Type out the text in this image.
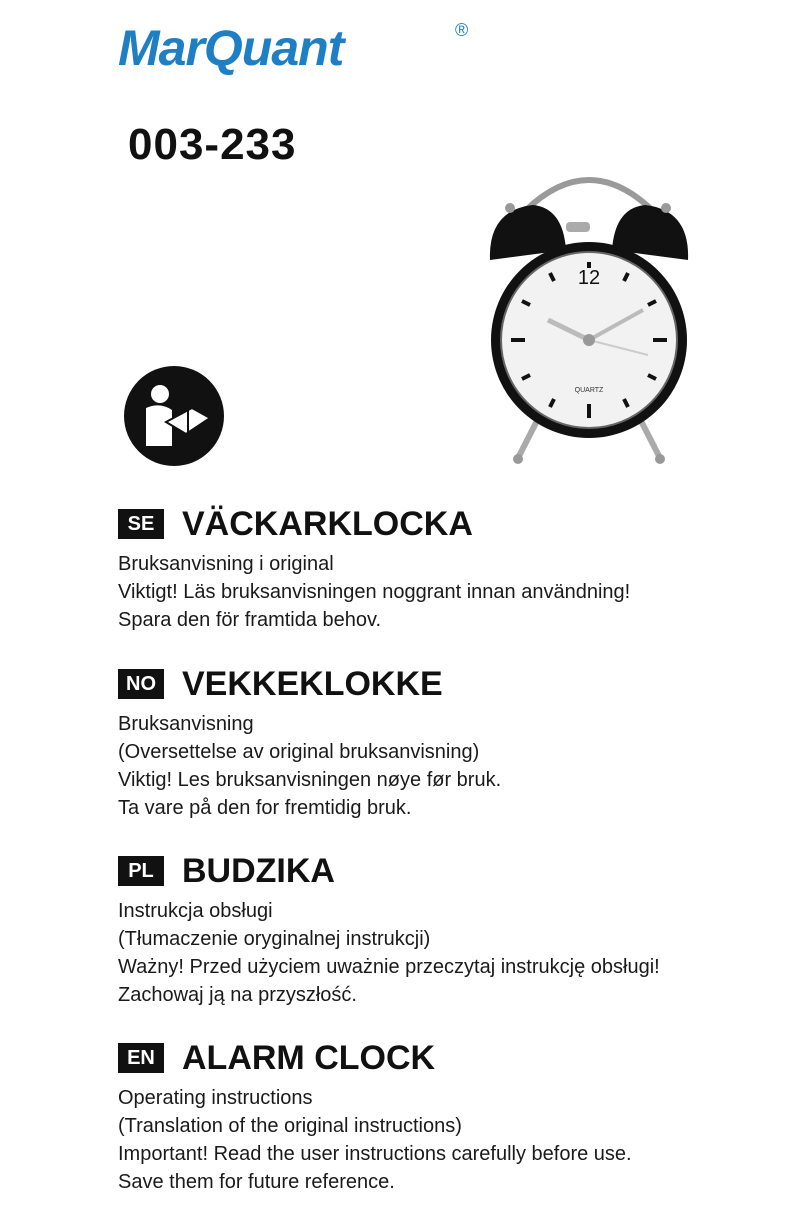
MarQuant	®
003-233
12
QUARTZ
SE VÄCKARKLOCKA
Bruksanvisning i original
Viktigt! Läs bruksanvisningen noggrant innan användning!
Spara den för framtida behov.
NO VEKKEKLOKKE
Bruksanvisning
(Oversettelse av original bruksanvisning)
Viktig! Les bruksanvisningen nøye før bruk.
Ta vare på den for fremtidig bruk.
PL BUDZIKA
Instrukcja obsługi
(Tłumaczenie oryginalnej instrukcji)
Ważny! Przed użyciem uważnie przeczytaj instrukcję obsługi!
Zachowaj ją na przyszłość.
EN ALARM CLOCK
Operating instructions
(Translation of the original instructions)
Important! Read the user instructions carefully before use.
Save them for future reference.
